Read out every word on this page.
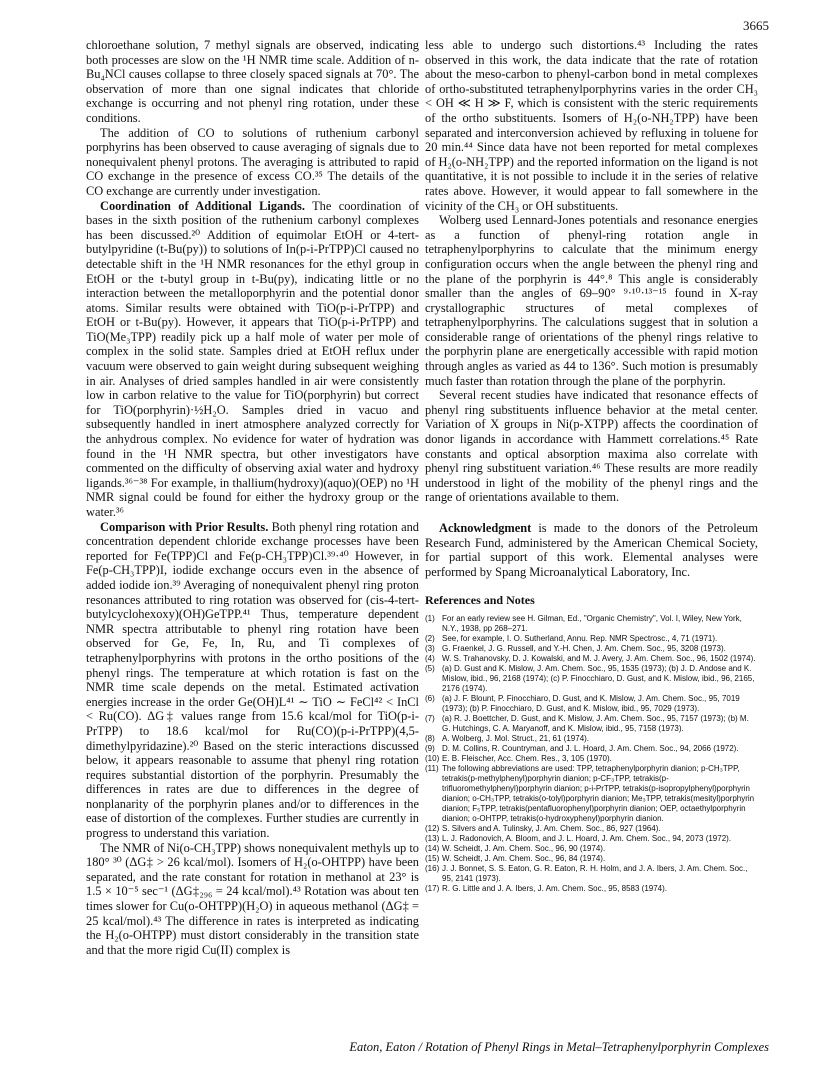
3665

chloroethane solution, 7 methyl signals are observed, indicating both processes are slow on the ¹H NMR time scale. Addition of n-Bu₄NCl causes collapse to three closely spaced signals at 70°. The observation of more than one signal indicates that chloride exchange is occurring and not phenyl ring rotation, under these conditions.

The addition of CO to solutions of ruthenium carbonyl porphyrins has been observed to cause averaging of signals due to nonequivalent phenyl protons. The averaging is attributed to rapid CO exchange in the presence of excess CO.³⁵ The details of the CO exchange are currently under investigation.

Coordination of Additional Ligands. The coordination of bases in the sixth position of the ruthenium carbonyl complexes has been discussed.²⁰ Addition of equimolar EtOH or 4-tert-butylpyridine (t-Bu(py)) to solutions of In(p-i-PrTPP)Cl caused no detectable shift in the ¹H NMR resonances for the ethyl group in EtOH or the t-butyl group in t-Bu(py), indicating little or no interaction between the metalloporphyrin and the potential donor atoms. Similar results were obtained with TiO(p-i-PrTPP) and EtOH or t-Bu(py). However, it appears that TiO(p-i-PrTPP) and TiO(Me₃TPP) readily pick up a half mole of water per mole of complex in the solid state. Samples dried at EtOH reflux under vacuum were observed to gain weight during subsequent weighing in air. Analyses of dried samples handled in air were consistently low in carbon relative to the value for TiO(porphyrin) but correct for TiO(porphyrin)·½H₂O. Samples dried in vacuo and subsequently handled in inert atmosphere analyzed correctly for the anhydrous complex. No evidence for water of hydration was found in the ¹H NMR spectra, but other investigators have commented on the difficulty of observing axial water and hydroxy ligands.³⁶⁻³⁸ For example, in thallium(hydroxy)(aquo)(OEP) no ¹H NMR signal could be found for either the hydroxy group or the water.³⁶

Comparison with Prior Results. Both phenyl ring rotation and concentration dependent chloride exchange processes have been reported for Fe(TPP)Cl and Fe(p-CH₃TPP)Cl.³⁹·⁴⁰ However, in Fe(p-CH₃TPP)I, iodide exchange occurs even in the absence of added iodide ion.³⁹ Averaging of nonequivalent phenyl ring proton resonances attributed to ring rotation was observed for (cis-4-tert-butylcyclohexoxy)(OH)GeTPP.⁴¹ Thus, temperature dependent NMR spectra attributable to phenyl ring rotation have been observed for Ge, Fe, In, Ru, and Ti complexes of tetraphenylporphyrins with protons in the ortho positions of the phenyl rings. The temperature at which rotation is fast on the NMR time scale depends on the metal. Estimated activation energies increase in the order Ge(OH)L⁴¹ ∼ TiO ∼ FeCl⁴² < InCl < Ru(CO). ΔG‡ values range from 15.6 kcal/mol for TiO(p-i-PrTPP) to 18.6 kcal/mol for Ru(CO)(p-i-PrTPP)(4,5-dimethylpyridazine).²⁰ Based on the steric interactions discussed below, it appears reasonable to assume that phenyl ring rotation requires substantial distortion of the porphyrin. Presumably the differences in rates are due to differences in the degree of nonplanarity of the porphyrin planes and/or to differences in the ease of distortion of the complexes. Further studies are currently in progress to understand this variation.

The NMR of Ni(o-CH₃TPP) shows nonequivalent methyls up to 180° ³⁰ (ΔG‡ > 26 kcal/mol). Isomers of H₂(o-OHTPP) have been separated, and the rate constant for rotation in methanol at 23° is 1.5 × 10⁻⁵ sec⁻¹ (ΔG‡₂₉₆ = 24 kcal/mol).⁴³ Rotation was about ten times slower for Cu(o-OHTPP)(H₂O) in aqueous methanol (ΔG‡ = 25 kcal/mol).⁴³ The difference in rates is interpreted as indicating the H₂(o-OHTPP) must distort considerably in the transition state and that the more rigid Cu(II) complex is

less able to undergo such distortions.⁴³ Including the rates observed in this work, the data indicate that the rate of rotation about the meso-carbon to phenyl-carbon bond in metal complexes of ortho-substituted tetraphenylporphyrins varies in the order CH₃ < OH ≪ H ≫ F, which is consistent with the steric requirements of the ortho substituents. Isomers of H₂(o-NH₂TPP) have been separated and interconversion achieved by refluxing in toluene for 20 min.⁴⁴ Since data have not been reported for metal complexes of H₂(o-NH₂TPP) and the reported information on the ligand is not quantitative, it is not possible to include it in the series of relative rates above. However, it would appear to fall somewhere in the vicinity of the CH₃ or OH substituents.

Wolberg used Lennard-Jones potentials and resonance energies as a function of phenyl-ring rotation angle in tetraphenylporphyrins to calculate that the minimum energy configuration occurs when the angle between the phenyl ring and the plane of the porphyrin is 44°.⁸ This angle is considerably smaller than the angles of 69–90° ⁹·¹⁰·¹³⁻¹⁵ found in X-ray crystallographic structures of metal complexes of tetraphenylporphyrins. The calculations suggest that in solution a considerable range of orientations of the phenyl rings relative to the porphyrin plane are energetically accessible with rapid motion through angles as varied as 44 to 136°. Such motion is presumably much faster than rotation through the plane of the porphyrin.

Several recent studies have indicated that resonance effects of phenyl ring substituents influence behavior at the metal center. Variation of X groups in Ni(p-XTPP) affects the coordination of donor ligands in accordance with Hammett correlations.⁴⁵ Rate constants and optical absorption maxima also correlate with phenyl ring substituent variation.⁴⁶ These results are more readily understood in light of the mobility of the phenyl rings and the range of orientations available to them.

Acknowledgment is made to the donors of the Petroleum Research Fund, administered by the American Chemical Society, for partial support of this work. Elemental analyses were performed by Spang Microanalytical Laboratory, Inc.

References and Notes

(1) For an early review see H. Gilman, Ed., "Organic Chemistry", Vol. I, Wiley, New York, N.Y., 1938, pp 268–271.
(2) See, for example, I. O. Sutherland, Annu. Rep. NMR Spectrosc., 4, 71 (1971).
(3) G. Fraenkel, J. G. Russell, and Y.-H. Chen, J. Am. Chem. Soc., 95, 3208 (1973).
(4) W. S. Trahanovsky, D. J. Kowalski, and M. J. Avery, J. Am. Chem. Soc., 96, 1502 (1974).
(5) (a) D. Gust and K. Mislow, J. Am. Chem. Soc., 95, 1535 (1973); (b) J. D. Andose and K. Mislow, ibid., 96, 2168 (1974); (c) P. Finocchiaro, D. Gust, and K. Mislow, ibid., 96, 2165, 2176 (1974).
(6) (a) J. F. Blount, P. Finocchiaro, D. Gust, and K. Mislow, J. Am. Chem. Soc., 95, 7019 (1973); (b) P. Finocchiaro, D. Gust, and K. Mislow, ibid., 95, 7029 (1973).
(7) (a) R. J. Boettcher, D. Gust, and K. Mislow, J. Am. Chem. Soc., 95, 7157 (1973); (b) M. G. Hutchings, C. A. Maryanoff, and K. Mislow, ibid., 95, 7158 (1973).
(8) A. Wolberg, J. Mol. Struct., 21, 61 (1974).
(9) D. M. Collins, R. Countryman, and J. L. Hoard, J. Am. Chem. Soc., 94, 2066 (1972).
(10) E. B. Fleischer, Acc. Chem. Res., 3, 105 (1970).
(11) The following abbreviations are used: TPP, tetraphenylporphyrin dianion; p-CH₃TPP, tetrakis(p-methylphenyl)porphyrin dianion; p-CF₃TPP, tetrakis(p-trifluoromethylphenyl)porphyrin dianion; p-i-PrTPP, tetrakis(p-isopropylphenyl)porphyrin dianion; o-CH₃TPP, tetrakis(o-tolyl)porphyrin dianion; Me₃TPP, tetrakis(mesityl)porphyrin dianion; F₅TPP, tetrakis(pentafluorophenyl)porphyrin dianion; OEP, octaethylporphyrin dianion; o-OHTPP, tetrakis(o-hydroxyphenyl)porphyrin dianion.
(12) S. Silvers and A. Tulinsky, J. Am. Chem. Soc., 86, 927 (1964).
(13) L. J. Radonovich, A. Bloom, and J. L. Hoard, J. Am. Chem. Soc., 94, 2073 (1972).
(14) W. Scheidt, J. Am. Chem. Soc., 96, 90 (1974).
(15) W. Scheidt, J. Am. Chem. Soc., 96, 84 (1974).
(16) J. J. Bonnet, S. S. Eaton, G. R. Eaton, R. H. Holm, and J. A. Ibers, J. Am. Chem. Soc., 95, 2141 (1973).
(17) R. G. Little and J. A. Ibers, J. Am. Chem. Soc., 95, 8583 (1974).
Eaton, Eaton / Rotation of Phenyl Rings in Metal–Tetraphenylporphyrin Complexes
